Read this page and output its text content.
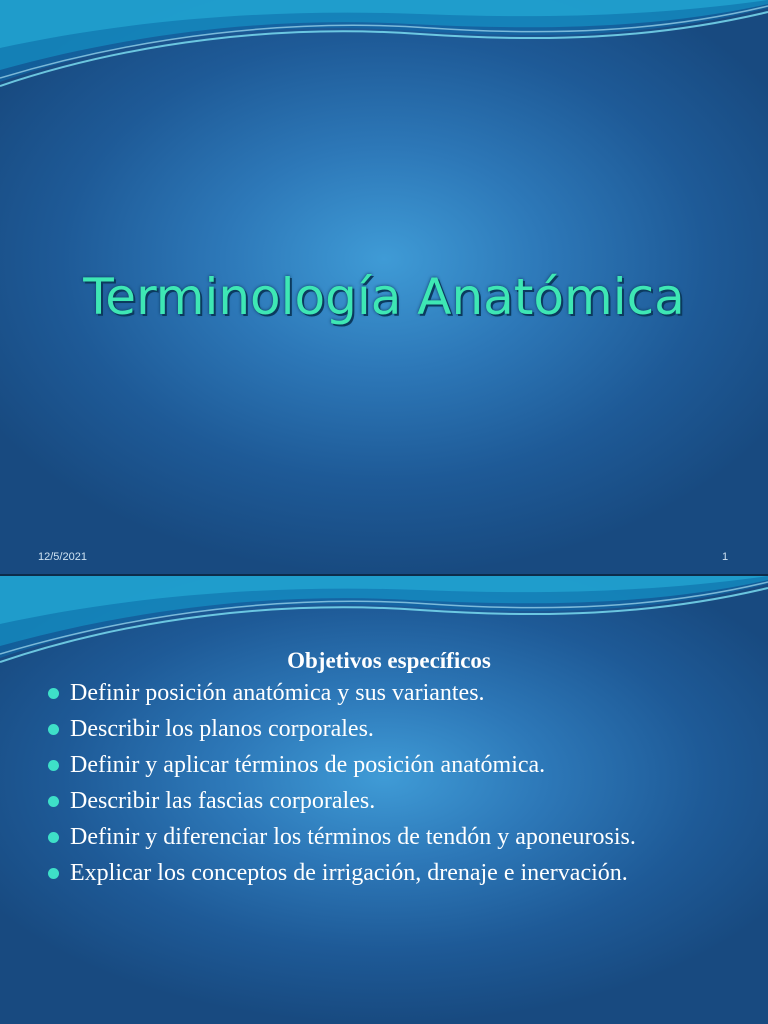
Terminología Anatómica
12/5/2021	1
Objetivos específicos
Definir posición anatómica y sus variantes.
Describir los planos corporales.
Definir y aplicar términos de posición anatómica.
Describir las fascias corporales.
Definir y diferenciar los términos de tendón y aponeurosis.
Explicar los conceptos de irrigación, drenaje e inervación.
